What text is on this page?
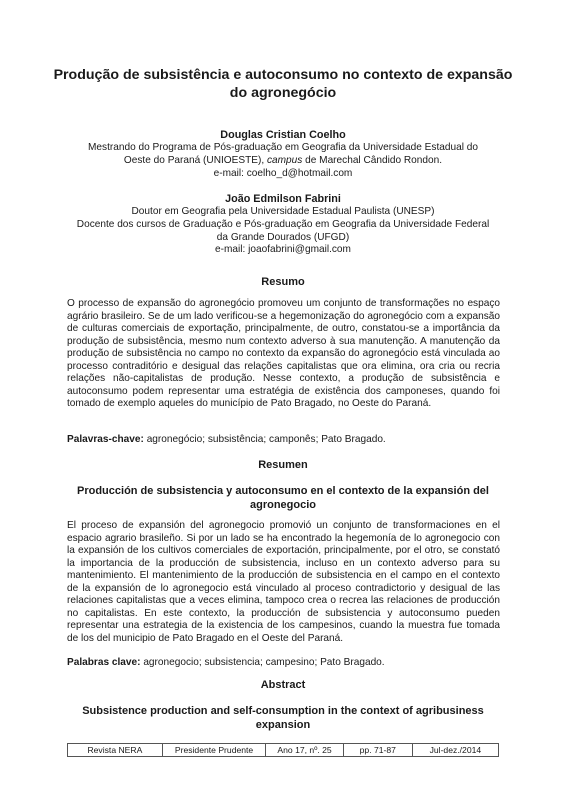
Produção de subsistência e autoconsumo no contexto de expansão
do agronegócio
Douglas Cristian Coelho
Mestrando do Programa de Pós-graduação em Geografia da Universidade Estadual do
Oeste do Paraná (UNIOESTE), campus de Marechal Cândido Rondon.
e-mail: coelho_d@hotmail.com
João Edmilson Fabrini
Doutor em Geografia pela Universidade Estadual Paulista (UNESP)
Docente dos cursos de Graduação e Pós-graduação em Geografia da Universidade Federal
da Grande Dourados (UFGD)
e-mail: joaofabrini@gmail.com
Resumo
O processo de expansão do agronegócio promoveu um conjunto de transformações no espaço agrário brasileiro. Se de um lado verificou-se a hegemonização do agronegócio com a expansão de culturas comerciais de exportação, principalmente, de outro, constatou-se a importância da produção de subsistência, mesmo num contexto adverso à sua manutenção. A manutenção da produção de subsistência no campo no contexto da expansão do agronegócio está vinculada ao processo contraditório e desigual das relações capitalistas que ora elimina, ora cria ou recria relações não-capitalistas de produção. Nesse contexto, a produção de subsistência e autoconsumo podem representar uma estratégia de existência dos camponeses, quando foi tomado de exemplo aqueles do município de Pato Bragado, no Oeste do Paraná.
Palavras-chave: agronegócio; subsistência; camponês; Pato Bragado.
Resumen
Producción de subsistencia y autoconsumo en el contexto de la expansión del
agronegocio
El proceso de expansión del agronegocio promovió un conjunto de transformaciones en el espacio agrario brasileño. Si por un lado se ha encontrado la hegemonía de lo agronegocio con la expansión de los cultivos comerciales de exportación, principalmente, por el otro, se constató la importancia de la producción de subsistencia, incluso en un contexto adverso para su mantenimiento. El mantenimiento de la producción de subsistencia en el campo en el contexto de la expansión de lo agronegocio está vinculado al proceso contradictorio y desigual de las relaciones capitalistas que a veces elimina, tampoco crea o recrea las relaciones de producción no capitalistas. En este contexto, la producción de subsistencia y autoconsumo pueden representar una estrategia de la existencia de los campesinos, cuando la muestra fue tomada de los del municipio de Pato Bragado en el Oeste del Paraná.
Palabras clave: agronegocio; subsistencia; campesino; Pato Bragado.
Abstract
Subsistence production and self-consumption in the context of agribusiness
expansion
Revista NERA	Presidente Prudente	Ano 17, nº. 25	pp. 71-87	Jul-dez./2014
